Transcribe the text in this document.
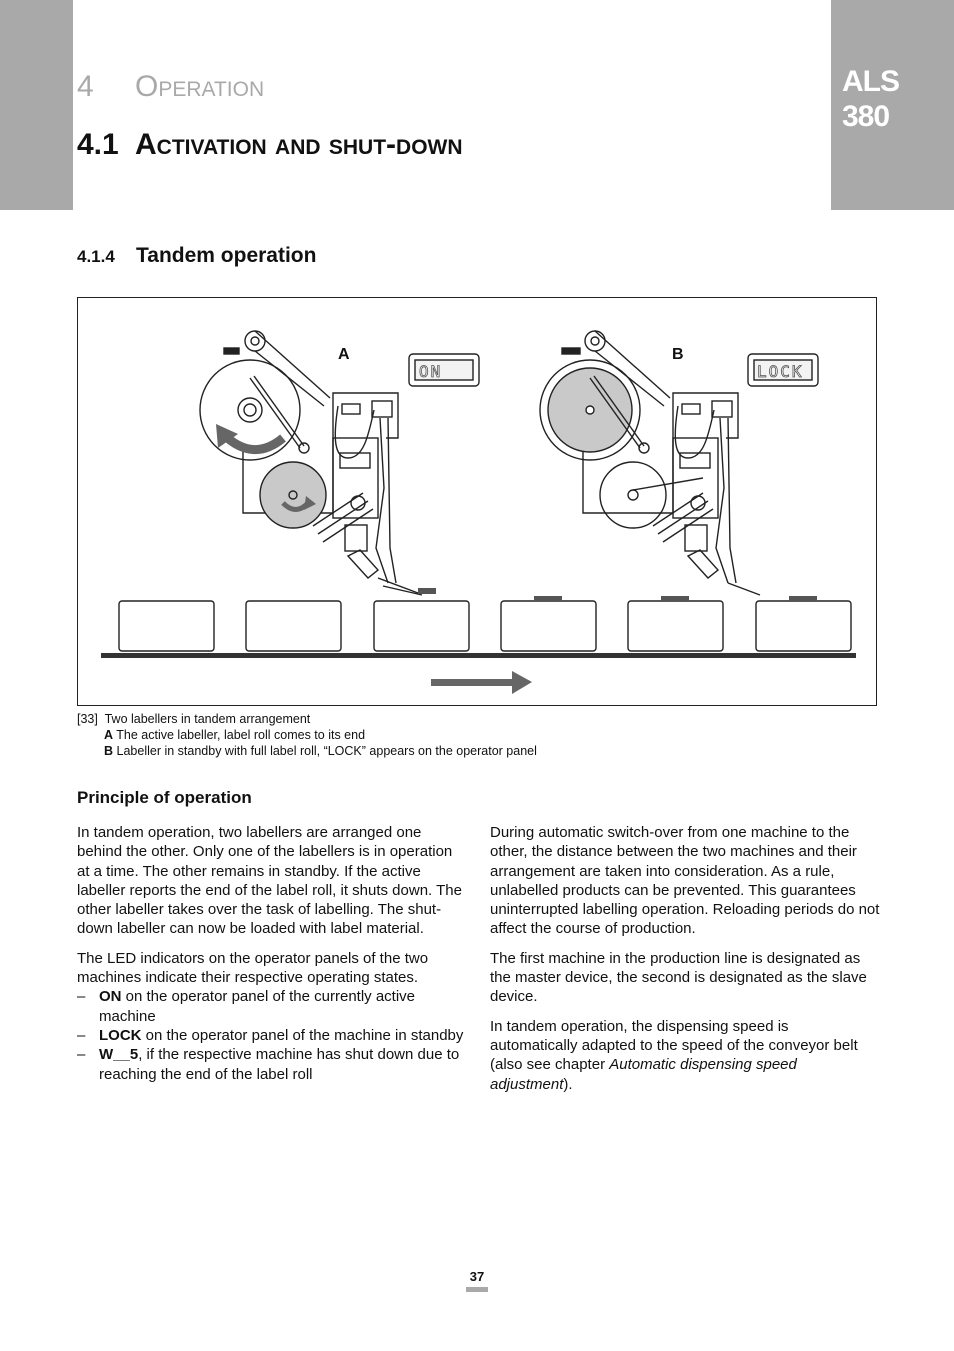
ALS
380
4 Operation
4.1 Activation and shut-down
4.1.4 Tandem operation
A	B
ON	LOCK
[33] Two labellers in tandem arrangement
A The active labeller, label roll comes to its end
B Labeller in standby with full label roll, “LOCK” appears on the operator panel
Principle of operation

In tandem operation, two labellers are arranged one behind the other. Only one of the labellers is in operation at a time. The other remains in standby. If the active labeller reports the end of the label roll, it shuts down. The other labeller takes over the task of labelling. The shut-down labeller can now be loaded with label material.

The LED indicators on the operator panels of the two machines indicate their respective operating states.

– ON on the operator panel of the currently active machine
– LOCK on the operator panel of the machine in standby
– W__5, if the respective machine has shut down due to reaching the end of the label roll

During automatic switch-over from one machine to the other, the distance between the two machines and their arrangement are taken into consideration. As a rule, unlabelled products can be prevented. This guarantees uninterrupted labelling operation. Reloading periods do not affect the course of production.

The first machine in the production line is designated as the master device, the second is designated as the slave device.

In tandem operation, the dispensing speed is automatically adapted to the speed of the conveyor belt (also see chapter Automatic dispensing speed adjustment).

37
